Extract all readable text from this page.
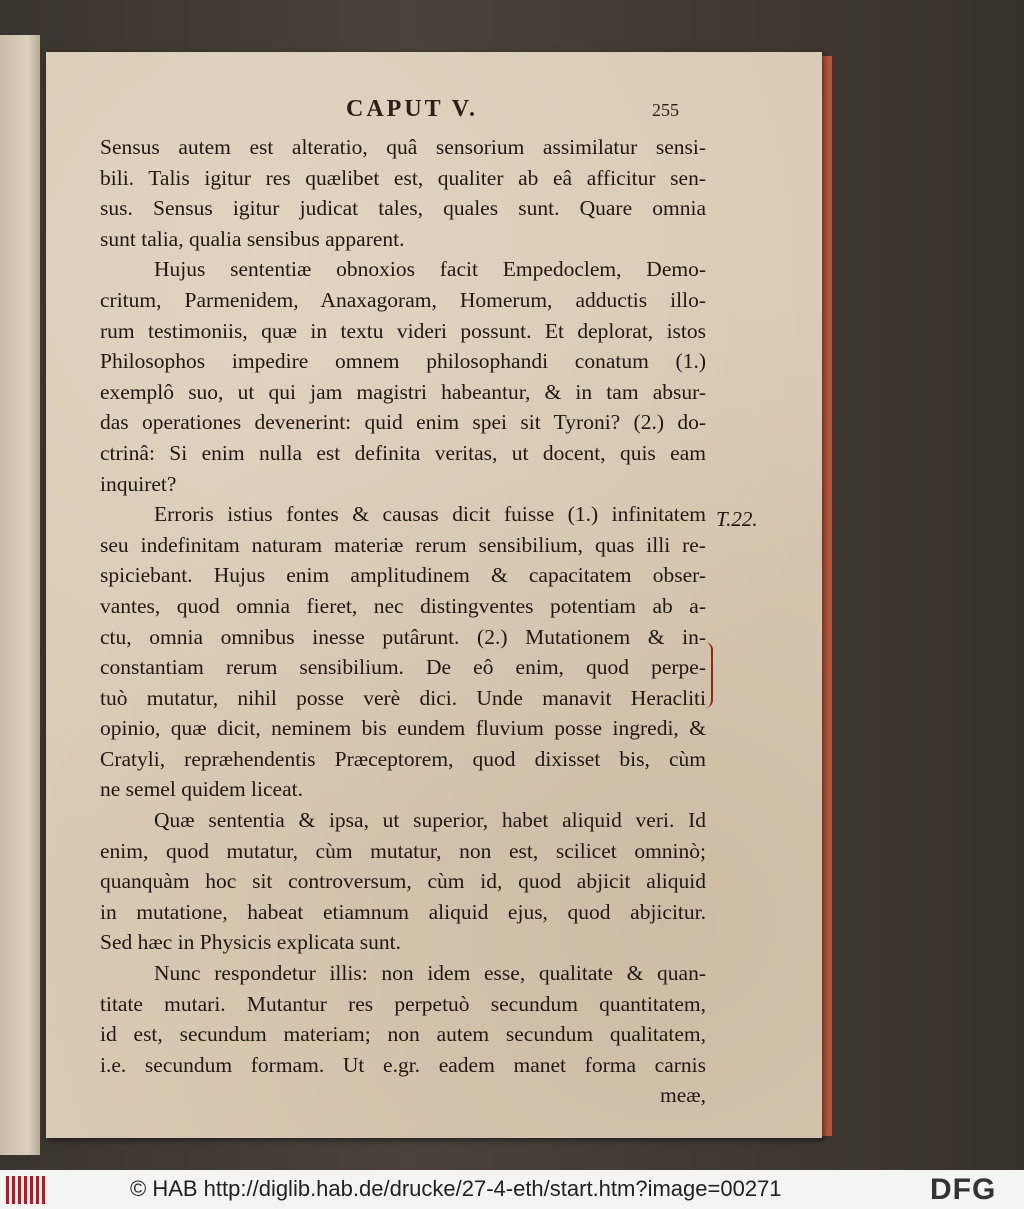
CAPUT V.	255
Sensus autem est alteratio, quâ sensorium assimilatur sensi-
bili. Talis igitur res quælibet est, qualiter ab eâ afficitur sen-
sus. Sensus igitur judicat tales, quales sunt. Quare omnia
sunt talia, qualia sensibus apparent.
Hujus sententiæ obnoxios facit Empedoclem, Demo-
critum, Parmenidem, Anaxagoram, Homerum, adductis illo-
rum testimoniis, quæ in textu videri possunt. Et deplorat, istos
Philosophos impedire omnem philosophandi conatum (1.)
exemplô suo, ut qui jam magistri habeantur, & in tam absur-
das operationes devenerint: quid enim spei sit Tyroni? (2.) do-
ctrinâ: Si enim nulla est definita veritas, ut docent, quis eam
inquiret?
Erroris istius fontes & causas dicit fuisse (1.) infinitatem
seu indefinitam naturam materiæ rerum sensibilium, quas illi re-
spiciebant. Hujus enim amplitudinem & capacitatem obser-
vantes, quod omnia fieret, nec distingventes potentiam ab a-
ctu, omnia omnibus inesse putârunt. (2.) Mutationem & in-
constantiam rerum sensibilium. De eô enim, quod perpe-
tuò mutatur, nihil posse verè dici. Unde manavit Heracliti
opinio, quæ dicit, neminem bis eundem fluvium posse ingredi, &
Cratyli, repræhendentis Præceptorem, quod dixisset bis, cùm
ne semel quidem liceat.
Quæ sententia & ipsa, ut superior, habet aliquid veri. Id
enim, quod mutatur, cùm mutatur, non est, scilicet omninò;
quanquàm hoc sit controversum, cùm id, quod abjicit aliquid
in mutatione, habeat etiamnum aliquid ejus, quod abjicitur.
Sed hæc in Physicis explicata sunt.
Nunc respondetur illis: non idem esse, qualitate & quan-
titate mutari. Mutantur res perpetuò secundum quantitatem,
id est, secundum materiam; non autem secundum qualitatem,
i.e. secundum formam. Ut e.gr. eadem manet forma carnis
meæ,
T.22.
© HAB http://diglib.hab.de/drucke/27-4-eth/start.htm?image=00271	DFG
